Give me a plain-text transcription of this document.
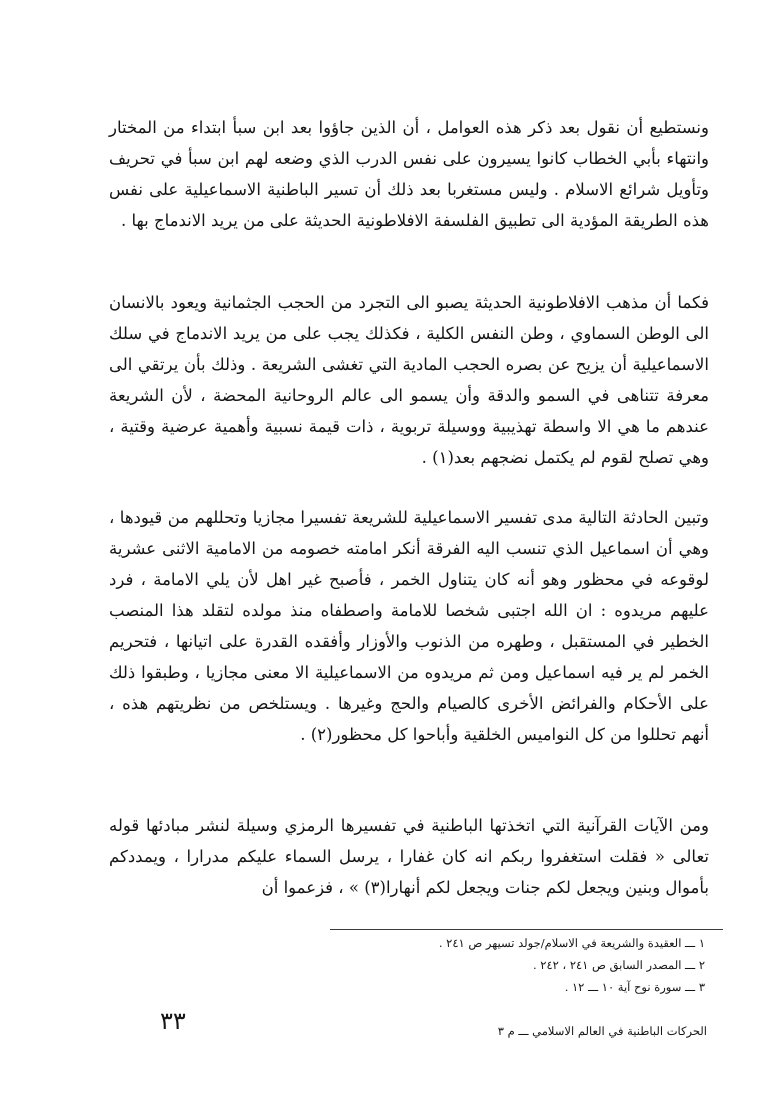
ونستطيع أن نقول بعد ذكر هذه العوامل ، أن الذين جاؤوا بعد ابن سبأ ابتداء من المختار وانتهاء بأبي الخطاب كانوا يسيرون على نفس الدرب الذي وضعه لهم ابن سبأ في تحريف وتأويل شرائع الاسلام . وليس مستغربا بعد ذلك أن تسير الباطنية الاسماعيلية على نفس هذه الطريقة المؤدية الى تطبيق الفلسفة الافلاطونية الحديثة على من يريد الاندماج بها .

فكما أن مذهب الافلاطونية الحديثة يصبو الى التجرد من الحجب الجثمانية ويعود بالانسان الى الوطن السماوي ، وطن النفس الكلية ، فكذلك يجب على من يريد الاندماج في سلك الاسماعيلية أن يزيح عن بصره الحجب المادية التي تغشى الشريعة . وذلك بأن يرتقي الى معرفة تتناهى في السمو والدقة وأن يسمو الى عالم الروحانية المحضة ، لأن الشريعة عندهم ما هي الا واسطة تهذيبية ووسيلة تربوية ، ذات قيمة نسبية وأهمية عرضية وقتية ، وهي تصلح لقوم لم يكتمل نضجهم بعد(١) .

وتبين الحادثة التالية مدى تفسير الاسماعيلية للشريعة تفسيرا مجازيا وتحللهم من قيودها ، وهي أن اسماعيل الذي تنسب اليه الفرقة أنكر امامته خصومه من الامامية الاثنى عشرية لوقوعه في محظور وهو أنه كان يتناول الخمر ، فأصبح غير اهل لأن يلي الامامة ، فرد عليهم مريدوه : ان الله اجتبى شخصا للامامة واصطفاه منذ مولده لتقلد هذا المنصب الخطير في المستقبل ، وطهره من الذنوب والأوزار وأفقده القدرة على اتيانها ، فتحريم الخمر لم ير فيه اسماعيل ومن ثم مريدوه من الاسماعيلية الا معنى مجازيا ، وطبقوا ذلك على الأحكام والفرائض الأخرى كالصيام والحج وغيرها . ويستلخص من نظريتهم هذه ، أنهم تحللوا من كل النواميس الخلقية وأباحوا كل محظور(٢) .

ومن الآيات القرآنية التي اتخذتها الباطنية في تفسيرها الرمزي وسيلة لنشر مبادئها قوله تعالى « فقلت استغفروا ربكم انه كان غفارا ، يرسل السماء عليكم مدرارا ، ويمددكم بأموال وبنين ويجعل لكم جنات ويجعل لكم أنهارا(٣) » ، فزعموا أن

١ ـــ العقيدة والشريعة في الاسلام/جولد تسيهر ص ٢٤١ .
٢ ـــ المصدر السابق ص ٢٤١ ، ٢٤٢ .
٣ ـــ سورة نوح آية ١٠ ـــ ١٢ .
الحركات الباطنية في العالم الاسلامي ـــ م ٣
٣٣
